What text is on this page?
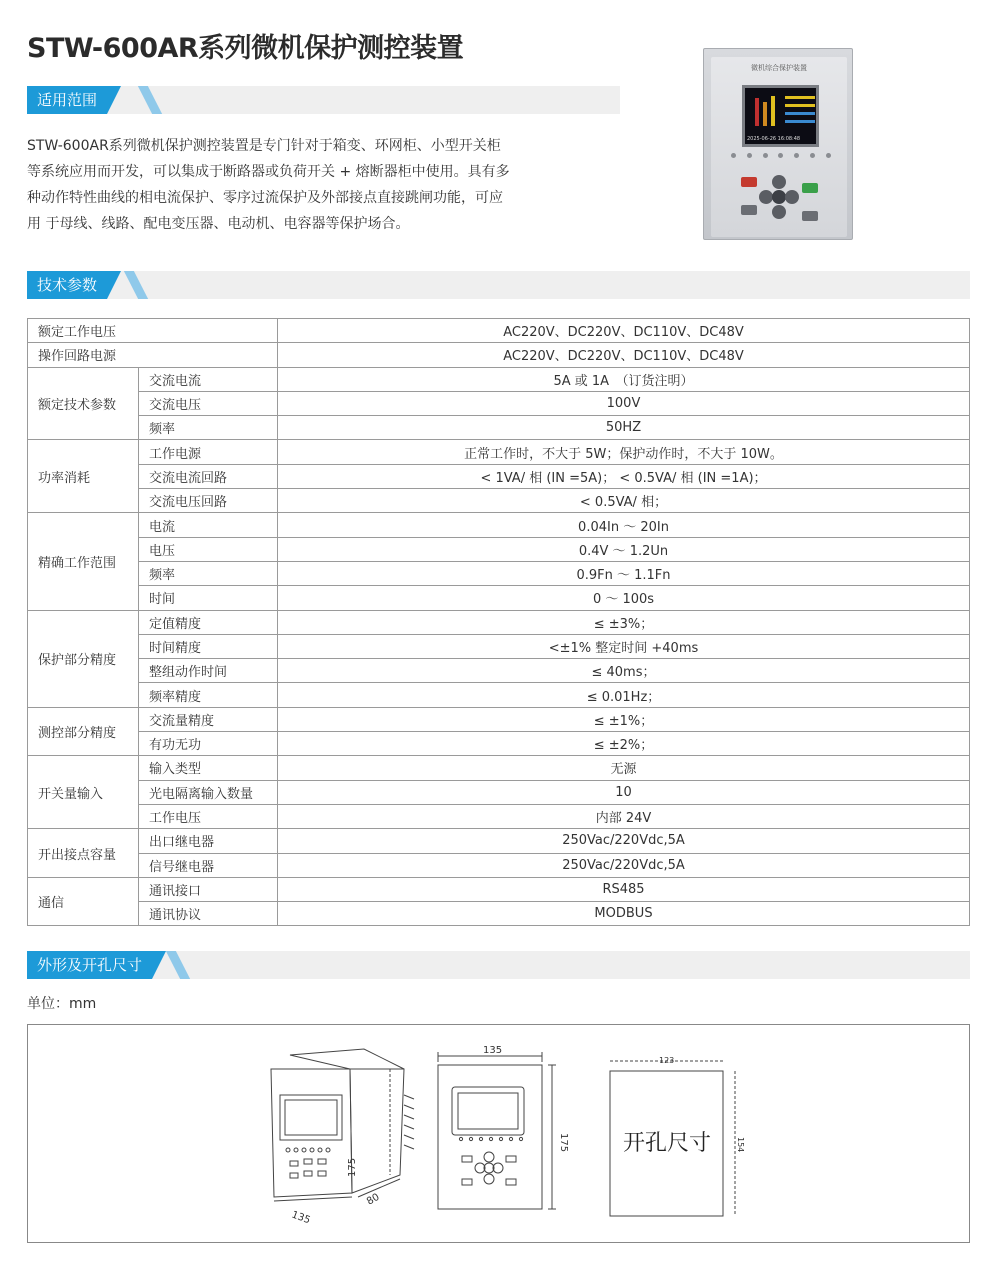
STW-600AR系列微机保护测控装置
适用范围
STW-600AR系列微机保护测控装置是专门针对于箱变、环网柜、小型开关柜
等系统应用而开发，可以集成于断路器或负荷开关 + 熔断器柜中使用。具有多
种动作特性曲线的相电流保护、零序过流保护及外部接点直接跳闸功能，可应
用 于母线、线路、配电变压器、电动机、电容器等保护场合。
微机综合保护装置
2025-06-26 16:08:48
技术参数
额定工作电压		AC220V、DC220V、DC110V、DC48V
操作回路电源		AC220V、DC220V、DC110V、DC48V
额定技术参数	交流电流	5A 或 1A　（订货注明）
	交流电压	100V
	频率	50HZ
功率消耗	工作电源	正常工作时，不大于 5W；保护动作时，不大于 10W。
	交流电流回路	< 1VA/ 相 (IN =5A)； < 0.5VA/ 相 (IN =1A)；
	交流电压回路	< 0.5VA/ 相；
精确工作范围	电流	0.04In ～ 20In
	电压	0.4V ～ 1.2Un
	频率	0.9Fn ～ 1.1Fn
	时间	0 ～ 100s
保护部分精度	定值精度	≤ ±3%；
	时间精度	<±1% 整定时间 +40ms
	整组动作时间	≤ 40ms；
	频率精度	≤ 0.01Hz；
测控部分精度	交流量精度	≤ ±1%；
	有功无功	≤ ±2%；
开关量输入	输入类型	无源
	光电隔离输入数量	10
	工作电压	内部 24V
开出接点容量	出口继电器	250Vac/220Vdc,5A
	信号继电器	250Vac/220Vdc,5A
通信	通讯接口	RS485
	通讯协议	MODBUS
外形及开孔尺寸
单位：mm
175
135
80
135
175
123
154
开孔尺寸
